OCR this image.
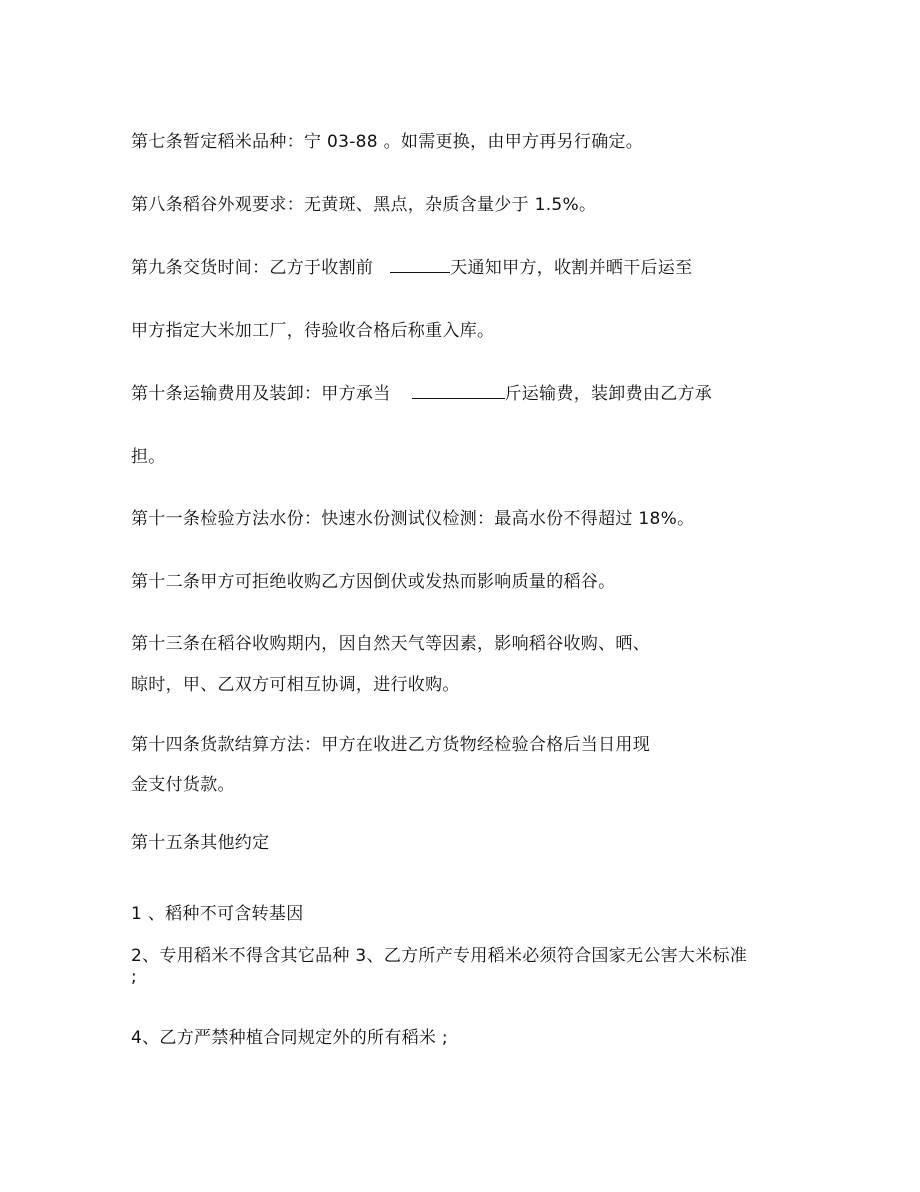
第七条暂定稻米品种：宁 03-88 。如需更换，由甲方再另行确定。
第八条稻谷外观要求：无黄斑、黑点，杂质含量少于 1.5%。
第九条交货时间：乙方于收割前	天通知甲方，收割并晒干后运至
甲方指定大米加工厂，待验收合格后称重入库。
第十条运输费用及装卸：甲方承当	斤运输费，装卸费由乙方承
担。
第十一条检验方法水份：快速水份测试仪检测：最高水份不得超过 18%。
第十二条甲方可拒绝收购乙方因倒伏或发热而影响质量的稻谷。
第十三条在稻谷收购期内，因自然天气等因素，影响稻谷收购、晒、
晾时，甲、乙双方可相互协调，进行收购。
第十四条货款结算方法：甲方在收进乙方货物经检验合格后当日用现
金支付货款。
第十五条其他约定
1 、稻种不可含转基因
2、专用稻米不得含其它品种 3、乙方所产专用稻米必须符合国家无公害大米标准
;
4、乙方严禁种植合同规定外的所有稻米 ;
